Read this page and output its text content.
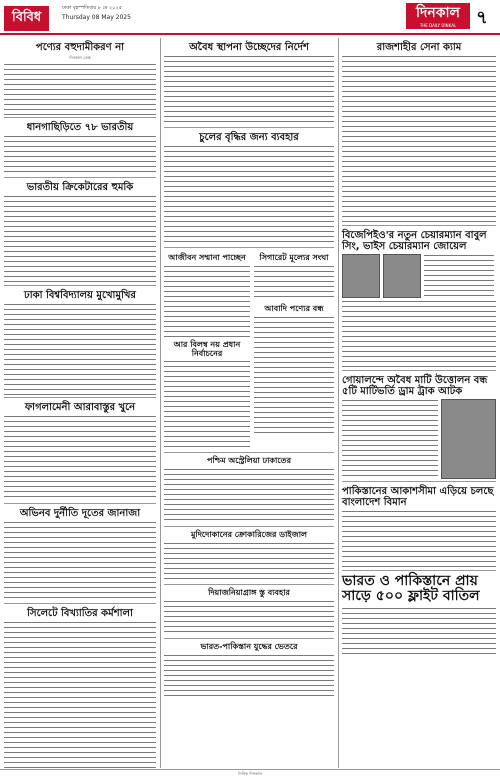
বিবিধ
ঢাকা বৃহস্পতিবার ৮ মে ২০২৫
Thursday 08 May 2025	দিনকাল
THE DAILY DINKAL	৭
পণ্যের বহুদামীকরণ না
দিনকাল ডেস্ক
ধানগাছিড়িতে ৭৮ ভারতীয়
ভারতীয় ক্রিকেটারের হুমকি
ঢাকা বিশ্ববিদ্যালয় মুখোমুখির
ফাগলামেনী আরাবাস্তুর খুনে
অভিনব দুর্নীতি দূতের জানাজা
সিলেটে বিখ্যাতির কর্মশালা
অবৈধ স্থাপনা উচ্ছেদের নির্দেশ
চুলের বৃদ্ধির জন্য ব্যবহার
আজীবন সম্মানা পাচ্ছেন
আর বিলম্ব নয় প্রধান নির্বাচনের
সিগারেট মূল্যের সংঘা
আবাদি পণ্যের বন্ধ
পশ্চিম অস্ট্রেলিয়া ঢাকাতের
মুদিদোকানের ক্রোকারিজের ডাইজাল
দিয়াজনিয়াগ্রাঙ্গ স্তু ব্যবহার
ভারত-পাকিস্তান যুদ্ধের ভেতরে
রাজশাহীর সেনা ক্যাম
বিজেপিইও'র নতুন চেয়ারম্যান বাবুল সিং, ভাইস চেয়ারম্যান জোয়েল
গোয়ালন্দে অবৈধ মাটি উত্তোলন বন্ধ ৫টি মাটিভর্তি ড্রাম ট্রাক আটক
পাকিস্তানের আকাশসীমা এড়িয়ে চলছে বাংলাদেশ বিমান
ভারত ও পাকিস্তানে প্রায় সাড়ে ৫০০ ফ্লাইট বাতিল
দৈনিক দিনকাল
